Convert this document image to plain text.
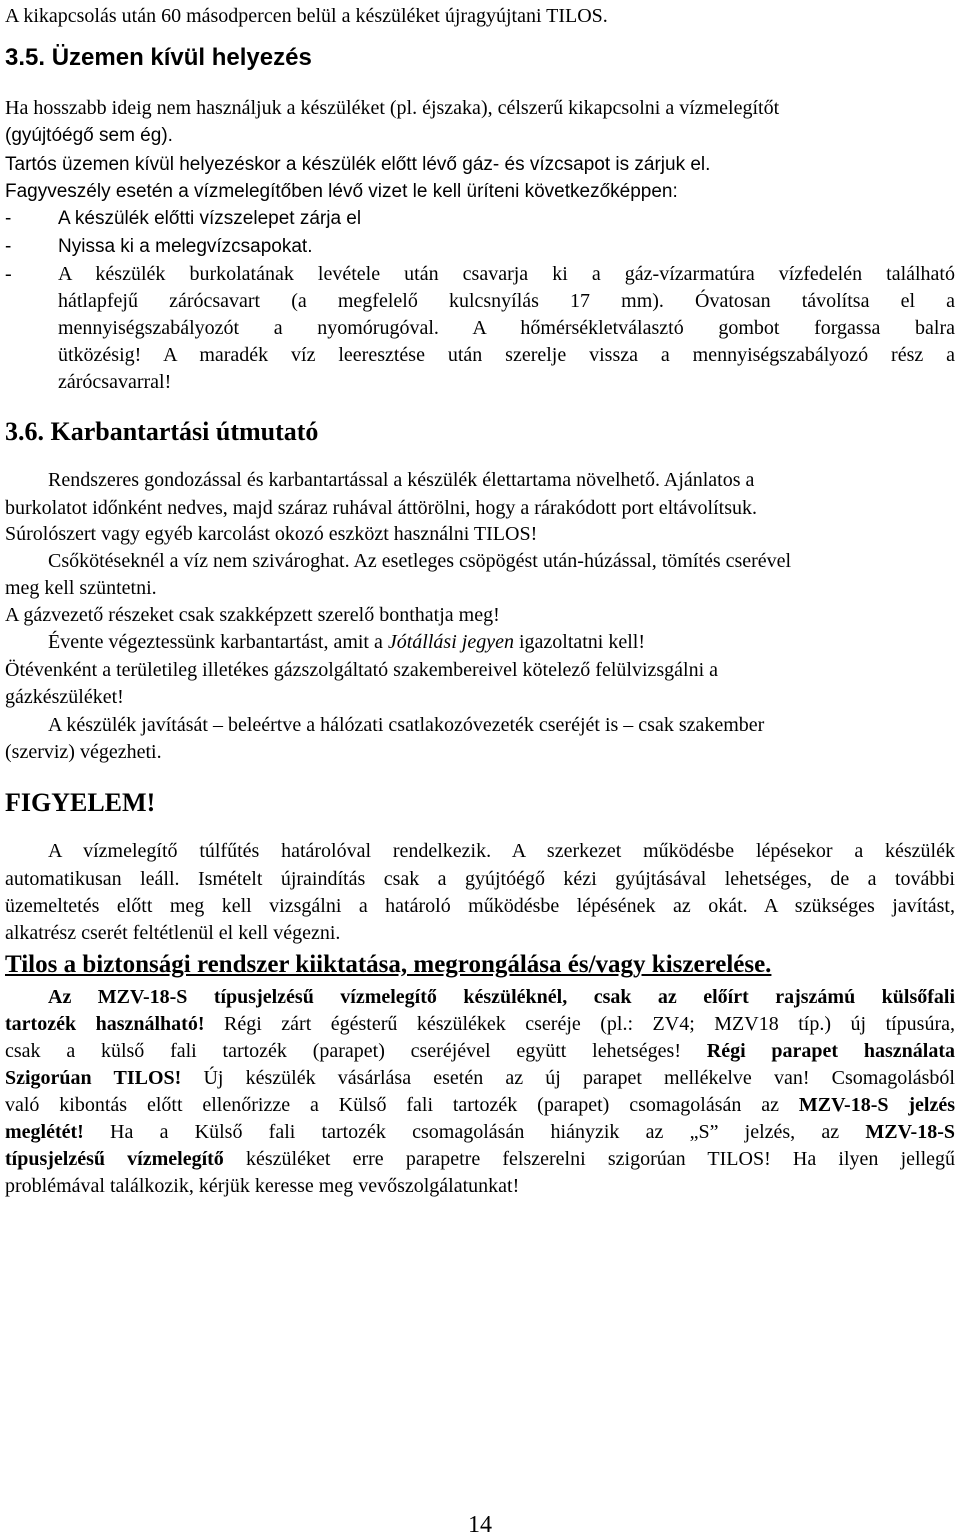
A kikapcsolás után 60 másodpercen belül a készüléket újragyújtani TILOS.

3.5. Üzemen kívül helyezés

Ha hosszabb ideig nem használjuk a készüléket (pl. éjszaka), célszerű kikapcsolni a vízmelegítőt

(gyújtóégő sem ég).

Tartós üzemen kívül helyezéskor a készülék előtt lévő gáz- és vízcsapot is zárjuk el.

Fagyveszély esetén a vízmelegítőben lévő vizet le kell üríteni következőképpen:

- A készülék előtti vízszelepet zárja el

- Nyissa ki a melegvízcsapokat.

- A készülék burkolatának levétele után csavarja ki a gáz-vízarmatúra vízfedelén található

hátlapfejű zárócsavart (a megfelelő kulcsnyílás 17 mm). Óvatosan távolítsa el a

mennyiségszabályozót a nyomórugóval. A hőmérsékletválasztó gombot forgassa balra

ütközésig! A maradék víz leeresztése után szerelje vissza a mennyiségszabályozó rész a

zárócsavarral!

3.6. Karbantartási útmutató

Rendszeres gondozással és karbantartással a készülék élettartama növelhető. Ajánlatos a

burkolatot időnként nedves, majd száraz ruhával áttörölni, hogy a rárakódott port eltávolítsuk.

Súrolószert vagy egyéb karcolást okozó eszközt használni TILOS!

Csőkötéseknél a víz nem szivároghat. Az esetleges csöpögést után-húzással, tömítés cserével

meg kell szüntetni.

A gázvezető részeket csak szakképzett szerelő bonthatja meg!

Évente végeztessünk karbantartást, amit a Jótállási jegyen igazoltatni kell!

Ötévenként a területileg illetékes gázszolgáltató szakembereivel kötelező felülvizsgálni a

gázkészüléket!

A készülék javítását – beleértve a hálózati csatlakozóvezeték cseréjét is – csak szakember

(szerviz) végezheti.

FIGYELEM!

A vízmelegítő túlfűtés határolóval rendelkezik. A szerkezet működésbe lépésekor a készülék

automatikusan leáll. Ismételt újraindítás csak a gyújtóégő kézi gyújtásával lehetséges, de a további

üzemeltetés előtt meg kell vizsgálni a határoló működésbe lépésének az okát. A szükséges javítást,

alkatrész cserét feltétlenül el kell végezni.

Tilos a biztonsági rendszer kiiktatása, megrongálása és/vagy kiszerelése.

Az MZV-18-S típusjelzésű vízmelegítő készüléknél, csak az előírt rajszámú külsőfali

tartozék használható! Régi zárt égésterű készülékek cseréje (pl.: ZV4; MZV18 típ.) új típusúra,

csak a külső fali tartozék (parapet) cseréjével együtt lehetséges! Régi parapet használata

Szigorúan TILOS! Új készülék vásárlása esetén az új parapet mellékelve van! Csomagolásból

való kibontás előtt ellenőrizze a Külső fali tartozék (parapet) csomagolásán az MZV-18-S jelzés

meglétét! Ha a Külső fali tartozék csomagolásán hiányzik az „S” jelzés, az MZV-18-S

típusjelzésű vízmelegítő készüléket erre parapetre felszerelni szigorúan TILOS! Ha ilyen jellegű

problémával találkozik, kérjük keresse meg vevőszolgálatunkat!

14
